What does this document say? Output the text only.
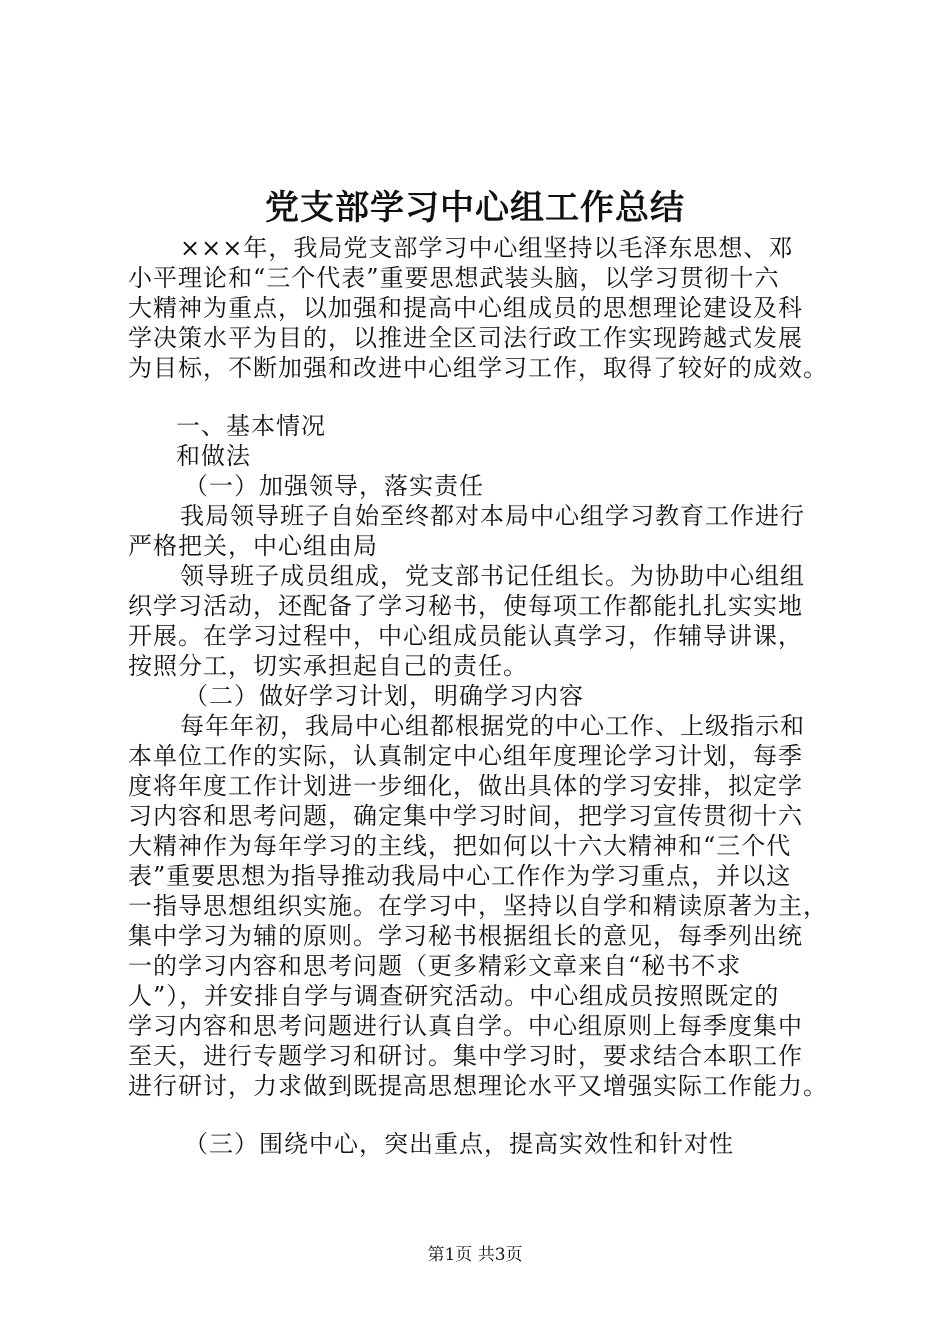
党支部学习中心组工作总结

×××年，我局党支部学习中心组坚持以毛泽东思想、邓

小平理论和“三个代表”重要思想武装头脑，以学习贯彻十六

大精神为重点，以加强和提高中心组成员的思想理论建设及科

学决策水平为目的，以推进全区司法行政工作实现跨越式发展

为目标，不断加强和改进中心组学习工作，取得了较好的成效。

一、基本情况

和做法

（一）加强领导，落实责任

我局领导班子自始至终都对本局中心组学习教育工作进行

严格把关，中心组由局

领导班子成员组成，党支部书记任组长。为协助中心组组

织学习活动，还配备了学习秘书，使每项工作都能扎扎实实地

开展。在学习过程中，中心组成员能认真学习，作辅导讲课，

按照分工，切实承担起自己的责任。

（二）做好学习计划，明确学习内容

每年年初，我局中心组都根据党的中心工作、上级指示和

本单位工作的实际，认真制定中心组年度理论学习计划，每季

度将年度工作计划进一步细化，做出具体的学习安排，拟定学

习内容和思考问题，确定集中学习时间，把学习宣传贯彻十六

大精神作为每年学习的主线，把如何以十六大精神和“三个代

表”重要思想为指导推动我局中心工作作为学习重点，并以这

一指导思想组织实施。在学习中，坚持以自学和精读原著为主，

集中学习为辅的原则。学习秘书根据组长的意见，每季列出统

一的学习内容和思考问题（更多精彩文章来自“秘书不求

人”），并安排自学与调查研究活动。中心组成员按照既定的

学习内容和思考问题进行认真自学。中心组原则上每季度集中

至天，进行专题学习和研讨。集中学习时，要求结合本职工作

进行研讨，力求做到既提高思想理论水平又增强实际工作能力。

（三）围绕中心，突出重点，提高实效性和针对性

第1页 共3页
